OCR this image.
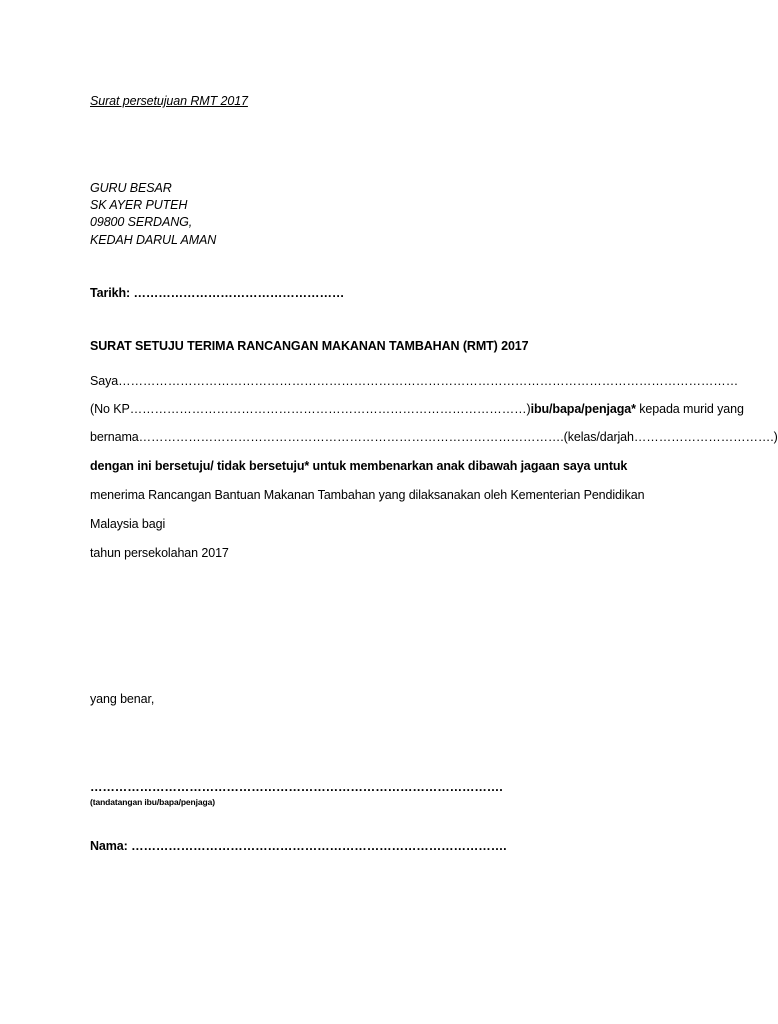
Surat persetujuan RMT 2017
GURU BESAR
SK AYER PUTEH
09800 SERDANG,
KEDAH DARUL AMAN
Tarikh: ……………………………………………
SURAT SETUJU TERIMA RANCANGAN MAKANAN TAMBAHAN (RMT) 2017
Saya……………………………………………………………………………………………………………………………………
(No KP……………………………………………………………………………………)ibu/bapa/penjaga* kepada murid yang
bernama………………………………………………………………………………………….(kelas/darjah…………………………….)
dengan ini bersetuju/ tidak bersetuju* untuk membenarkan anak dibawah jagaan saya untuk
menerima Rancangan Bantuan Makanan Tambahan yang dilaksanakan oleh Kementerian Pendidikan
Malaysia bagi
tahun persekolahan 2017
yang benar,
……………………………………………………………………………………….
(tandatangan ibu/bapa/penjaga)
Nama: ……………………………………………………………………………….
